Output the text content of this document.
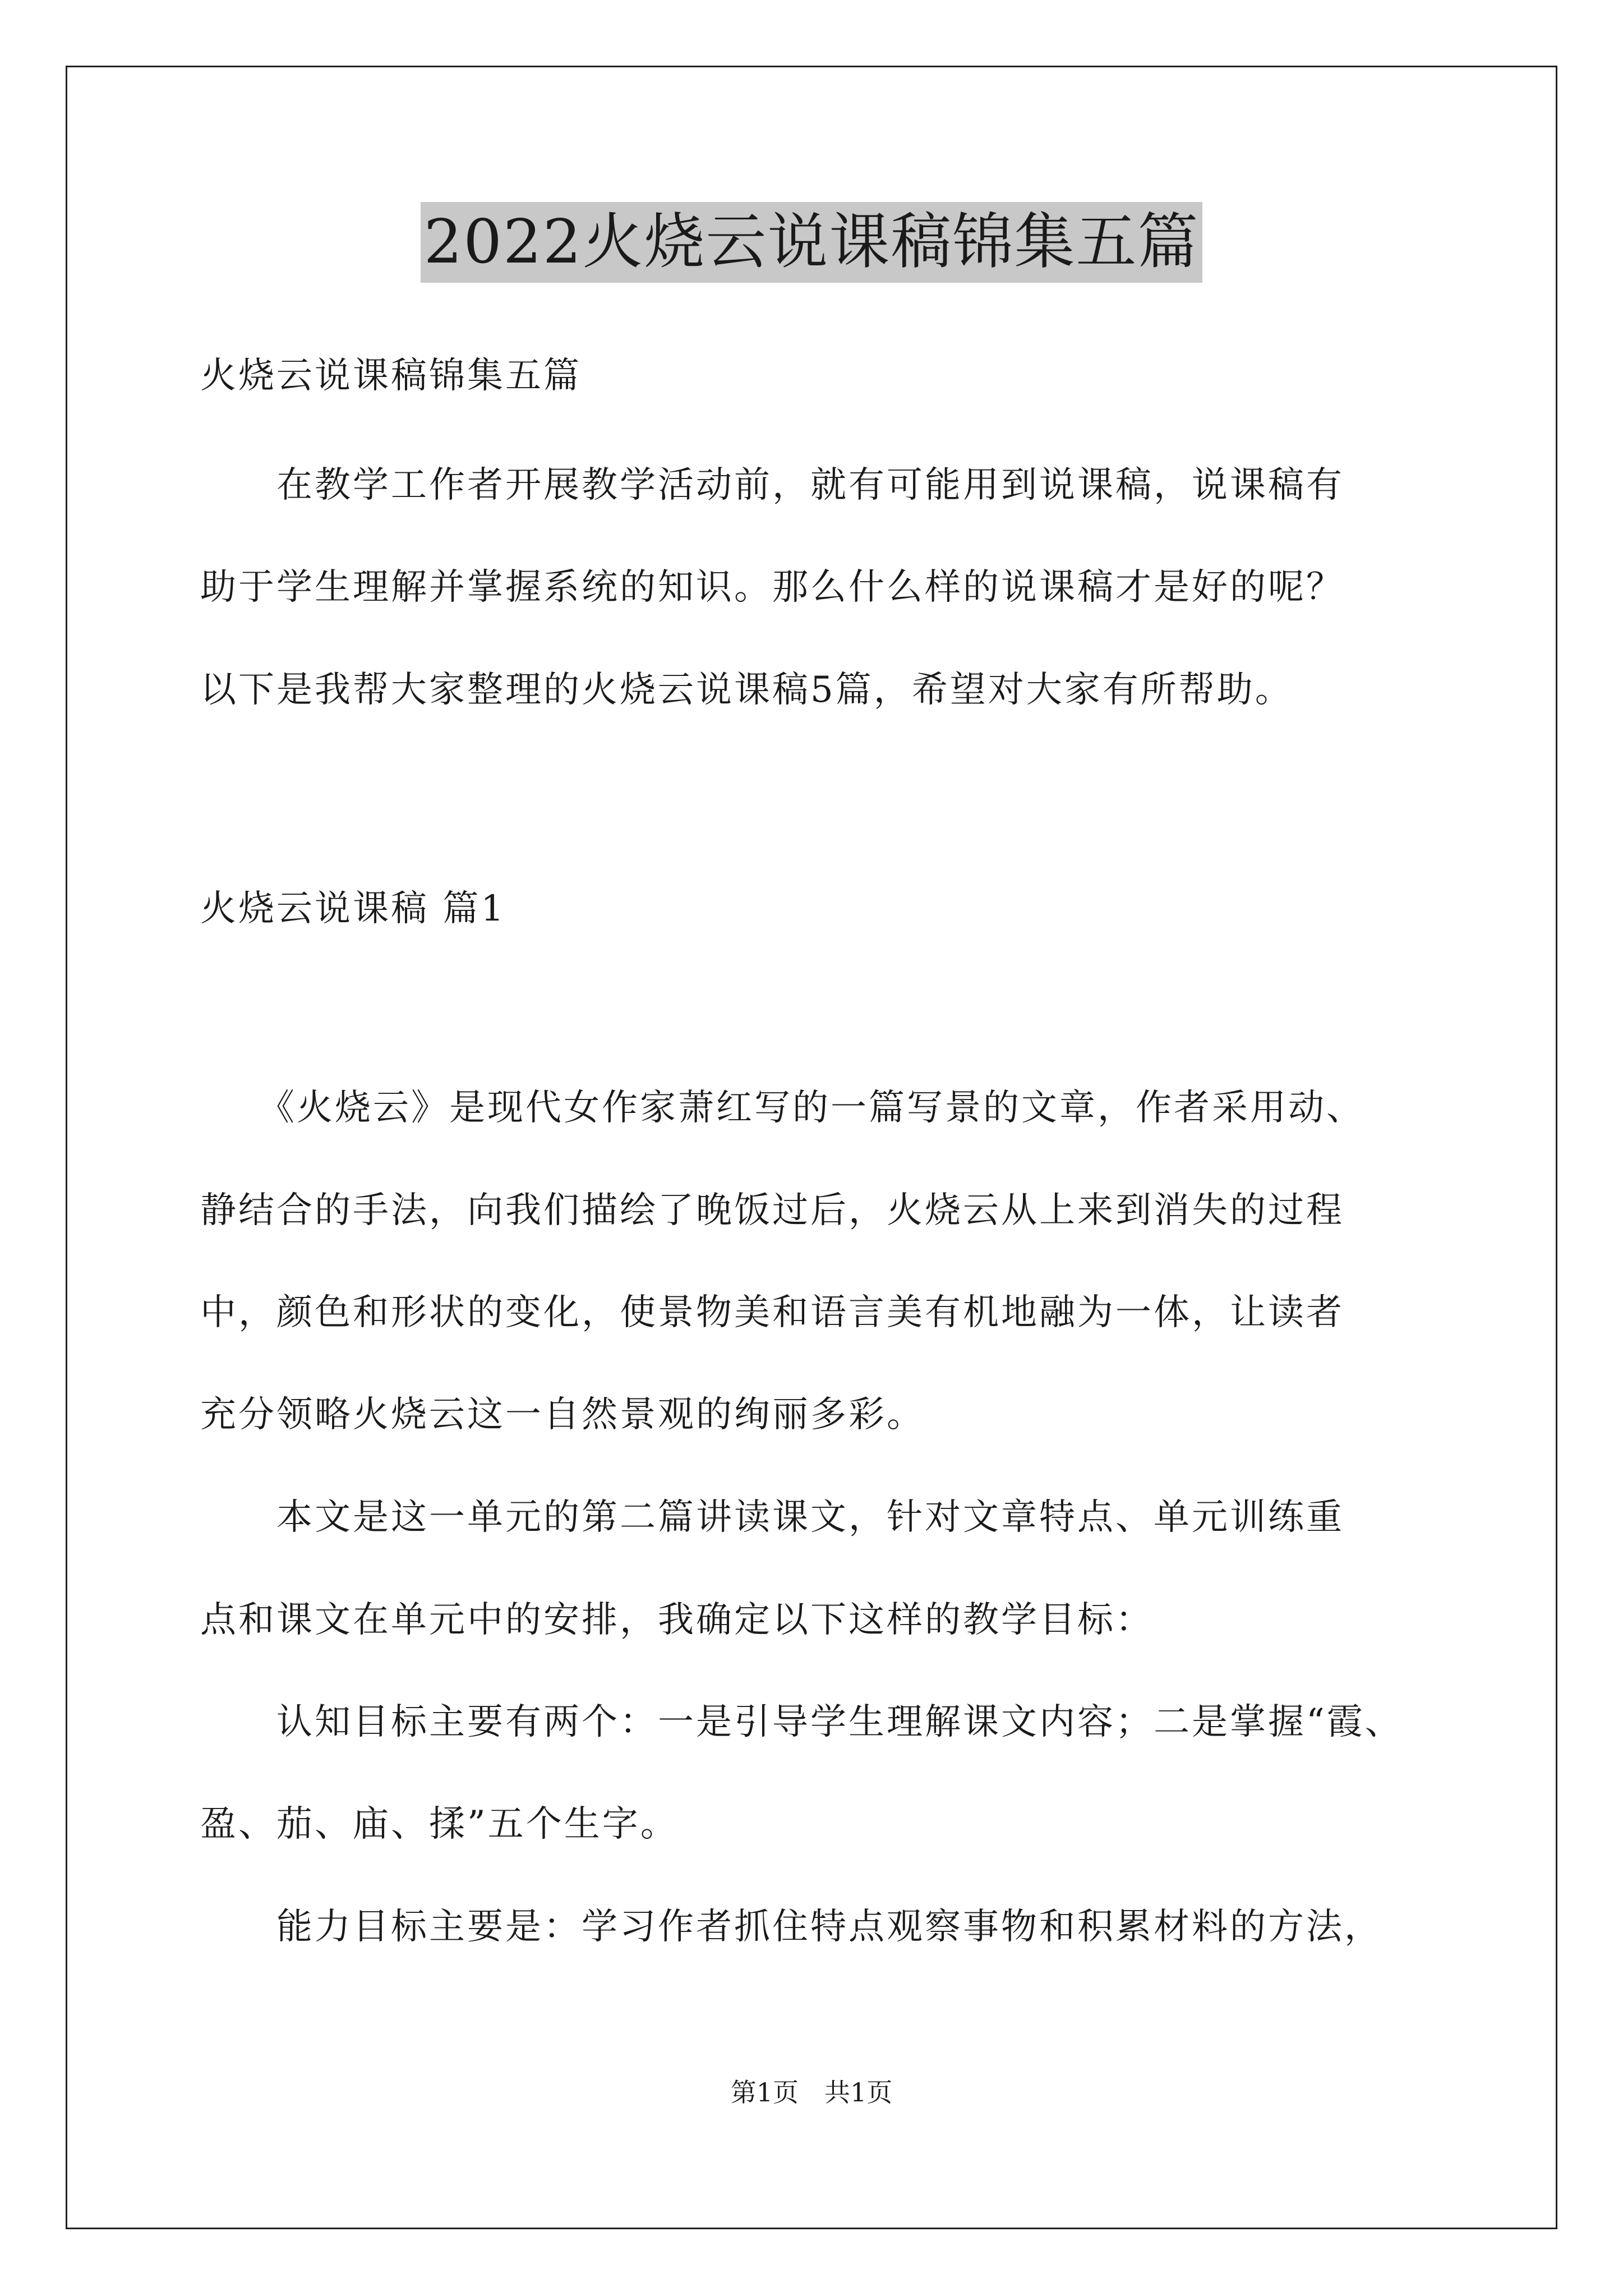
2022火烧云说课稿锦集五篇
火烧云说课稿锦集五篇
　　在教学工作者开展教学活动前，就有可能用到说课稿，说课稿有
助于学生理解并掌握系统的知识。那么什么样的说课稿才是好的呢？
以下是我帮大家整理的火烧云说课稿5篇，希望对大家有所帮助。
火烧云说课稿 篇1
　　《火烧云》是现代女作家萧红写的一篇写景的文章，作者采用动、
静结合的手法，向我们描绘了晚饭过后，火烧云从上来到消失的过程
中，颜色和形状的变化，使景物美和语言美有机地融为一体，让读者
充分领略火烧云这一自然景观的绚丽多彩。
　　本文是这一单元的第二篇讲读课文，针对文章特点、单元训练重
点和课文在单元中的安排，我确定以下这样的教学目标：
　　认知目标主要有两个：一是引导学生理解课文内容；二是掌握“霞、
盈、茄、庙、揉”五个生字。
　　能力目标主要是：学习作者抓住特点观察事物和积累材料的方法，
第1页　共1页
